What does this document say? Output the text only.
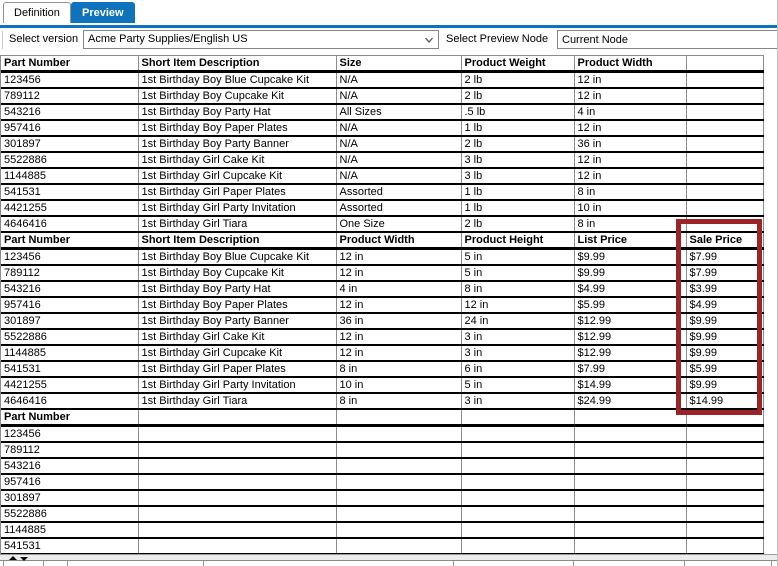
Definition	Preview
Select version Acme Party Supplies/English US	Select Preview Node
Current Node
Part Number	Short Item Description	Size	Product Weight	Product Width	
123456	1st Birthday Boy Blue Cupcake Kit	N/A	2 lb	12 in	
789112	1st Birthday Boy Cupcake Kit	N/A	2 lb	12 in	
543216	1st Birthday Boy Party Hat	All Sizes	.5 lb	4 in	
957416	1st Birthday Boy Paper Plates	N/A	1 lb	12 in	
301897	1st Birthday Boy Party Banner	N/A	2 lb	36 in	
5522886	1st Birthday Girl Cake Kit	N/A	3 lb	12 in	
1144885	1st Birthday Girl Cupcake Kit	N/A	3 lb	12 in	
541531	1st Birthday Girl Paper Plates	Assorted	1 lb	8 in	
4421255	1st Birthday Girl Party Invitation	Assorted	1 lb	10 in	
4646416	1st Birthday Girl Tiara	One Size	2 lb	8 in	
Part Number	Short Item Description	Product Width	Product Height	List Price	Sale Price
123456	1st Birthday Boy Blue Cupcake Kit	12 in	5 in	$9.99	$7.99
789112	1st Birthday Boy Cupcake Kit	12 in	5 in	$9.99	$7.99
543216	1st Birthday Boy Party Hat	4 in	8 in	$4.99	$3.99
957416	1st Birthday Boy Paper Plates	12 in	12 in	$5.99	$4.99
301897	1st Birthday Boy Party Banner	36 in	24 in	$12.99	$9.99
5522886	1st Birthday Girl Cake Kit	12 in	3 in	$12.99	$9.99
1144885	1st Birthday Girl Cupcake Kit	12 in	3 in	$12.99	$9.99
541531	1st Birthday Girl Paper Plates	8 in	6 in	$7.99	$5.99
4421255	1st Birthday Girl Party Invitation	10 in	5 in	$14.99	$9.99
4646416	1st Birthday Girl Tiara	8 in	3 in	$24.99	$14.99
Part Number					
123456					
789112					
543216					
957416					
301897					
5522886					
1144885					
541531					
